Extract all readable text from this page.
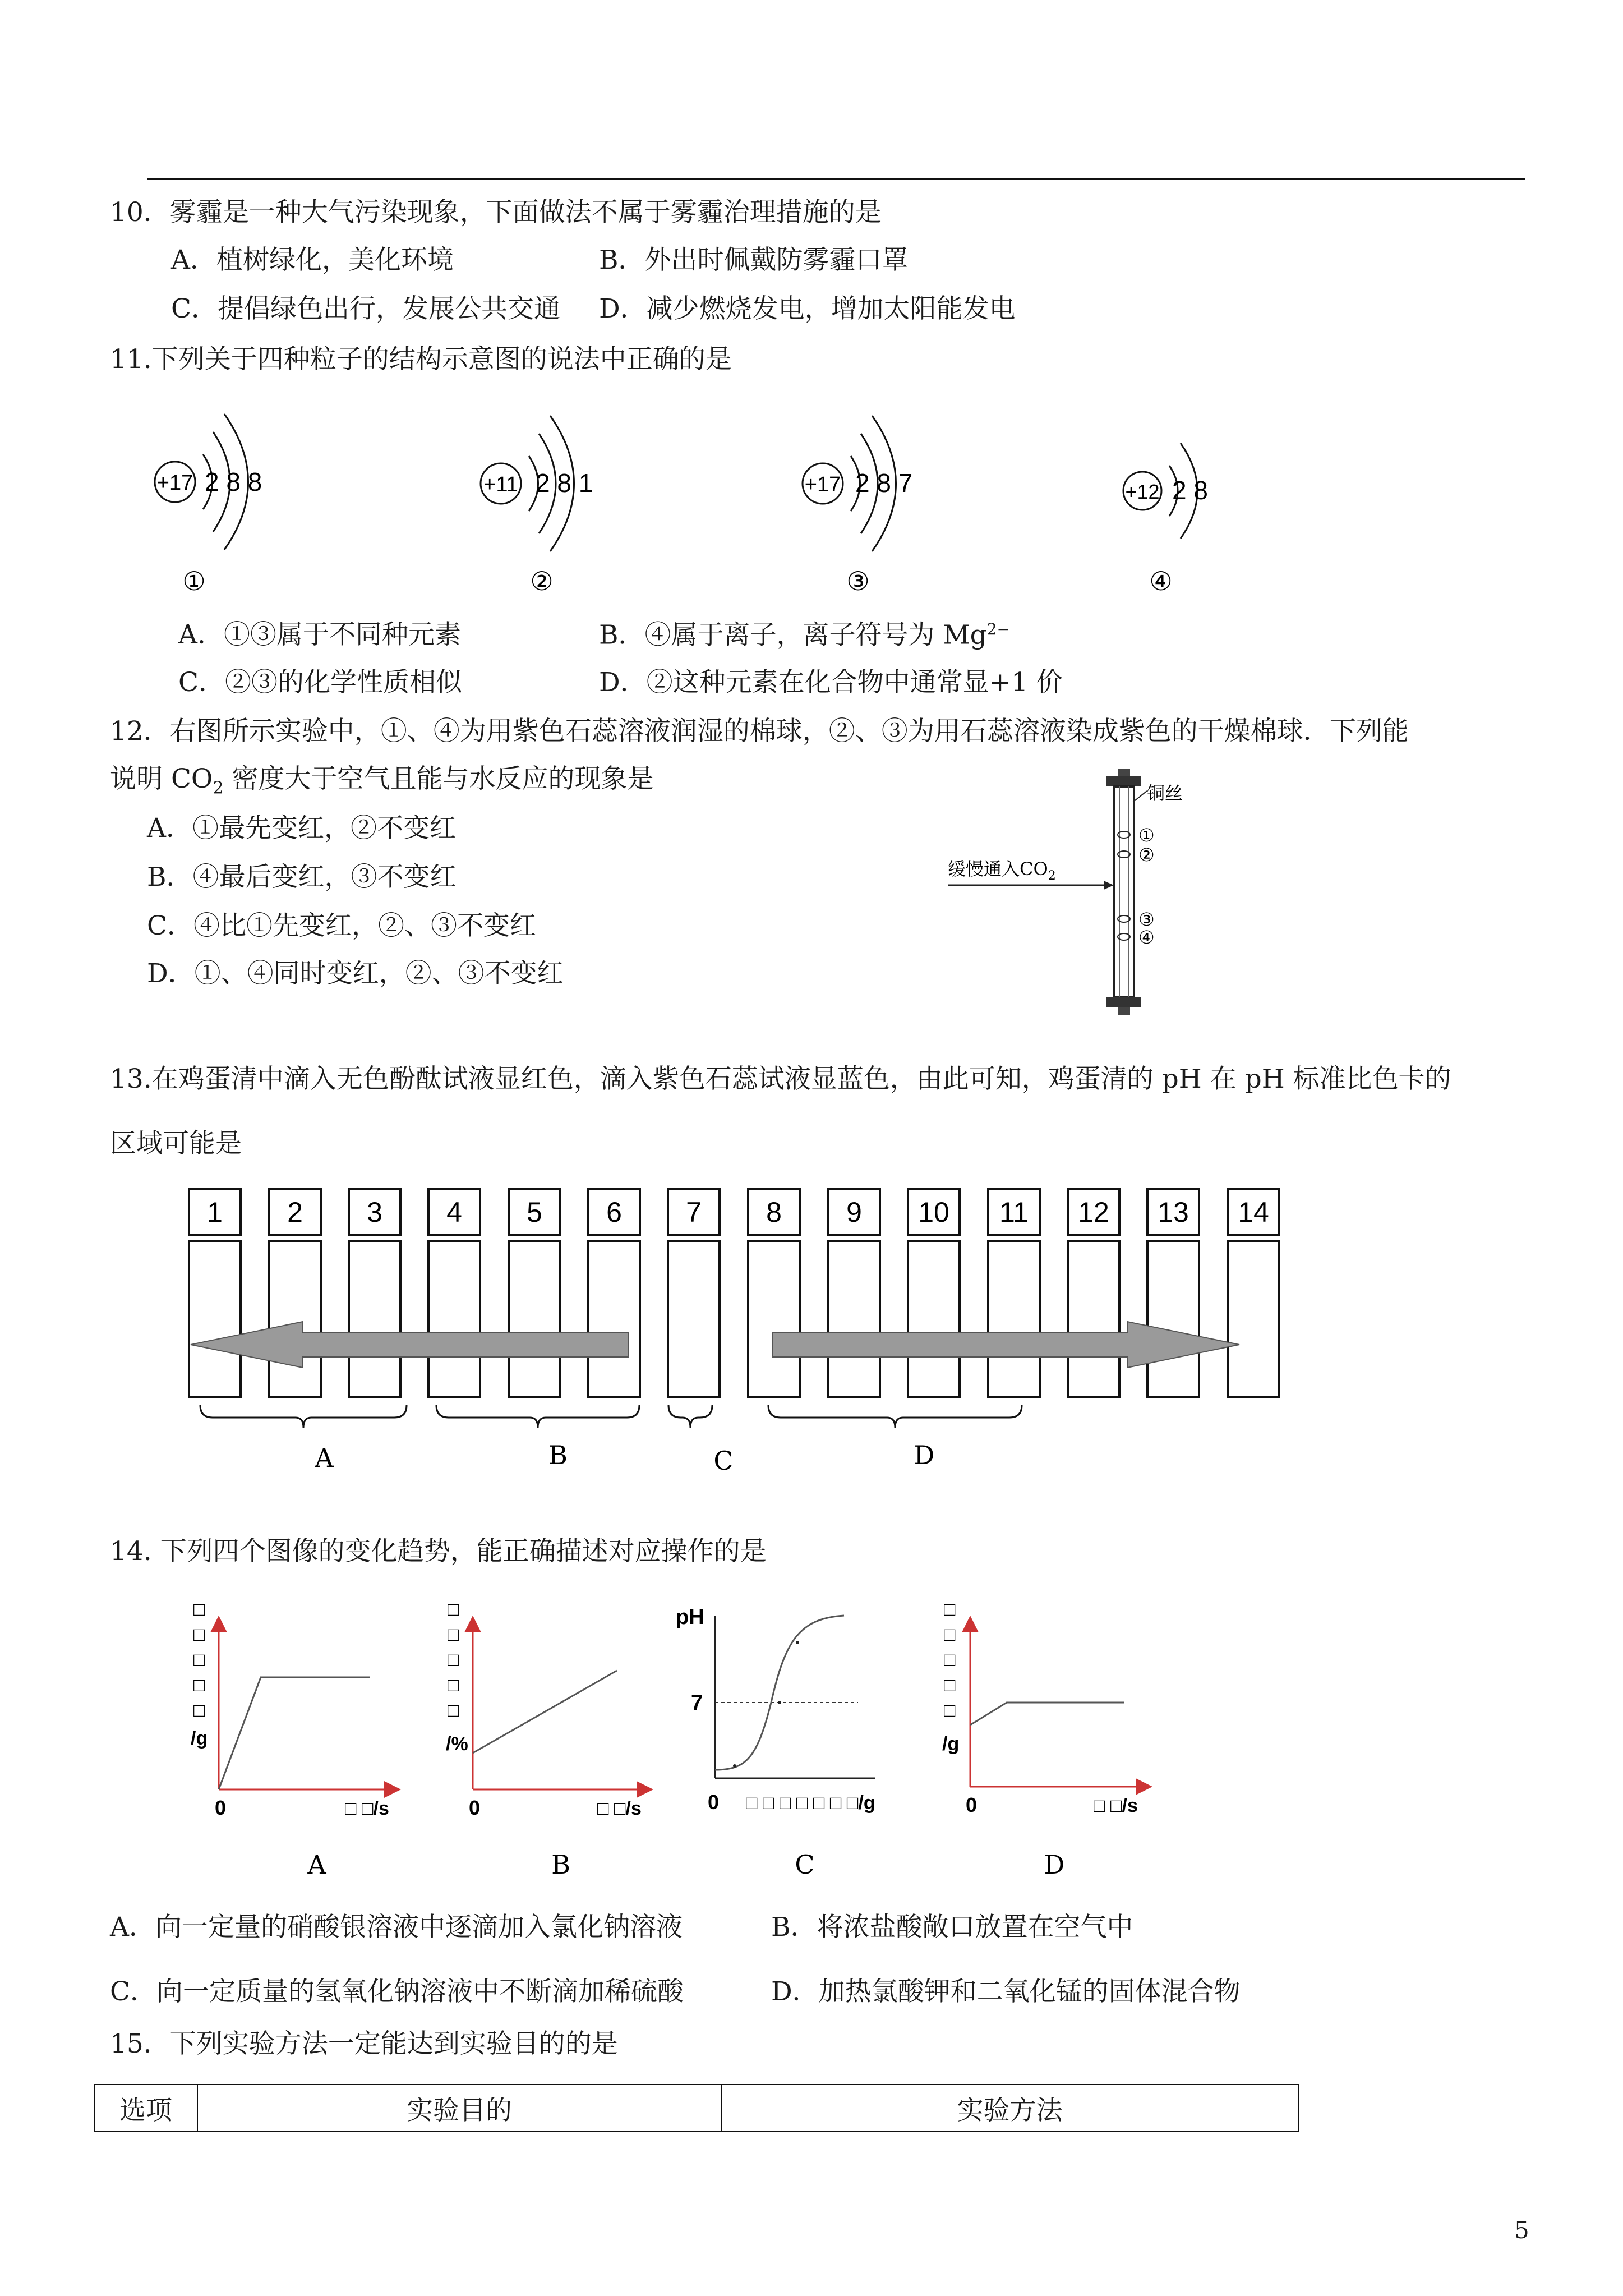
10．雾霾是一种大气污染现象，下面做法不属于雾霾治理措施的是
A．植树绿化，美化环境	B．外出时佩戴防雾霾口罩
C．提倡绿色出行，发展公共交通 D．减少燃烧发电，增加太阳能发电
11.下列关于四种粒子的结构示意图的说法中正确的是
+17 2 8 8	+11 2 8 1	+17 2 8 7	+12 2 8
①	②	③	④
A．①③属于不同种元素	B．④属于离子，离子符号为 $Mg^{2-}$
C．②③的化学性质相似	D．②这种元素在化合物中通常显+1 价
12．右图所示实验中，①、④为用紫色石蕊溶液润湿的棉球，②、③为用石蕊溶液染成紫色的干燥棉球．下列能
说明 $CO_2$ 密度大于空气且能与水反应的现象是
A．①最先变红，②不变红
B．④最后变红，③不变红
C．④比①先变红，②、③不变红
D．①、④同时变红，②、③不变红
铜丝
①
②
③
④
缓慢通入$CO_2$
13.在鸡蛋清中滴入无色酚酞试液显红色，滴入紫色石蕊试液显蓝色，由此可知，鸡蛋清的 pH 在 pH 标准比色卡的
区域可能是
1 2 3 4 5 6 7 8 9 10 11 12 13 14
A	B	C	D
14. 下列四个图像的变化趋势，能正确描述对应操作的是
□
□
□
□
□
/g
0	□ □/s
A
□
□
□
□
□
/%
0	□ □/s
B
pH
7
0 □ □ □ □ □ □ □/g
C
□
□
□
□
□
/g
0	□ □/s
D
A．向一定量的硝酸银溶液中逐滴加入氯化钠溶液	B．将浓盐酸敞口放置在空气中
C．向一定质量的氢氧化钠溶液中不断滴加稀硫酸	D．加热氯酸钾和二氧化锰的固体混合物
15．下列实验方法一定能达到实验目的的是
选项	实验目的	实验方法
5
